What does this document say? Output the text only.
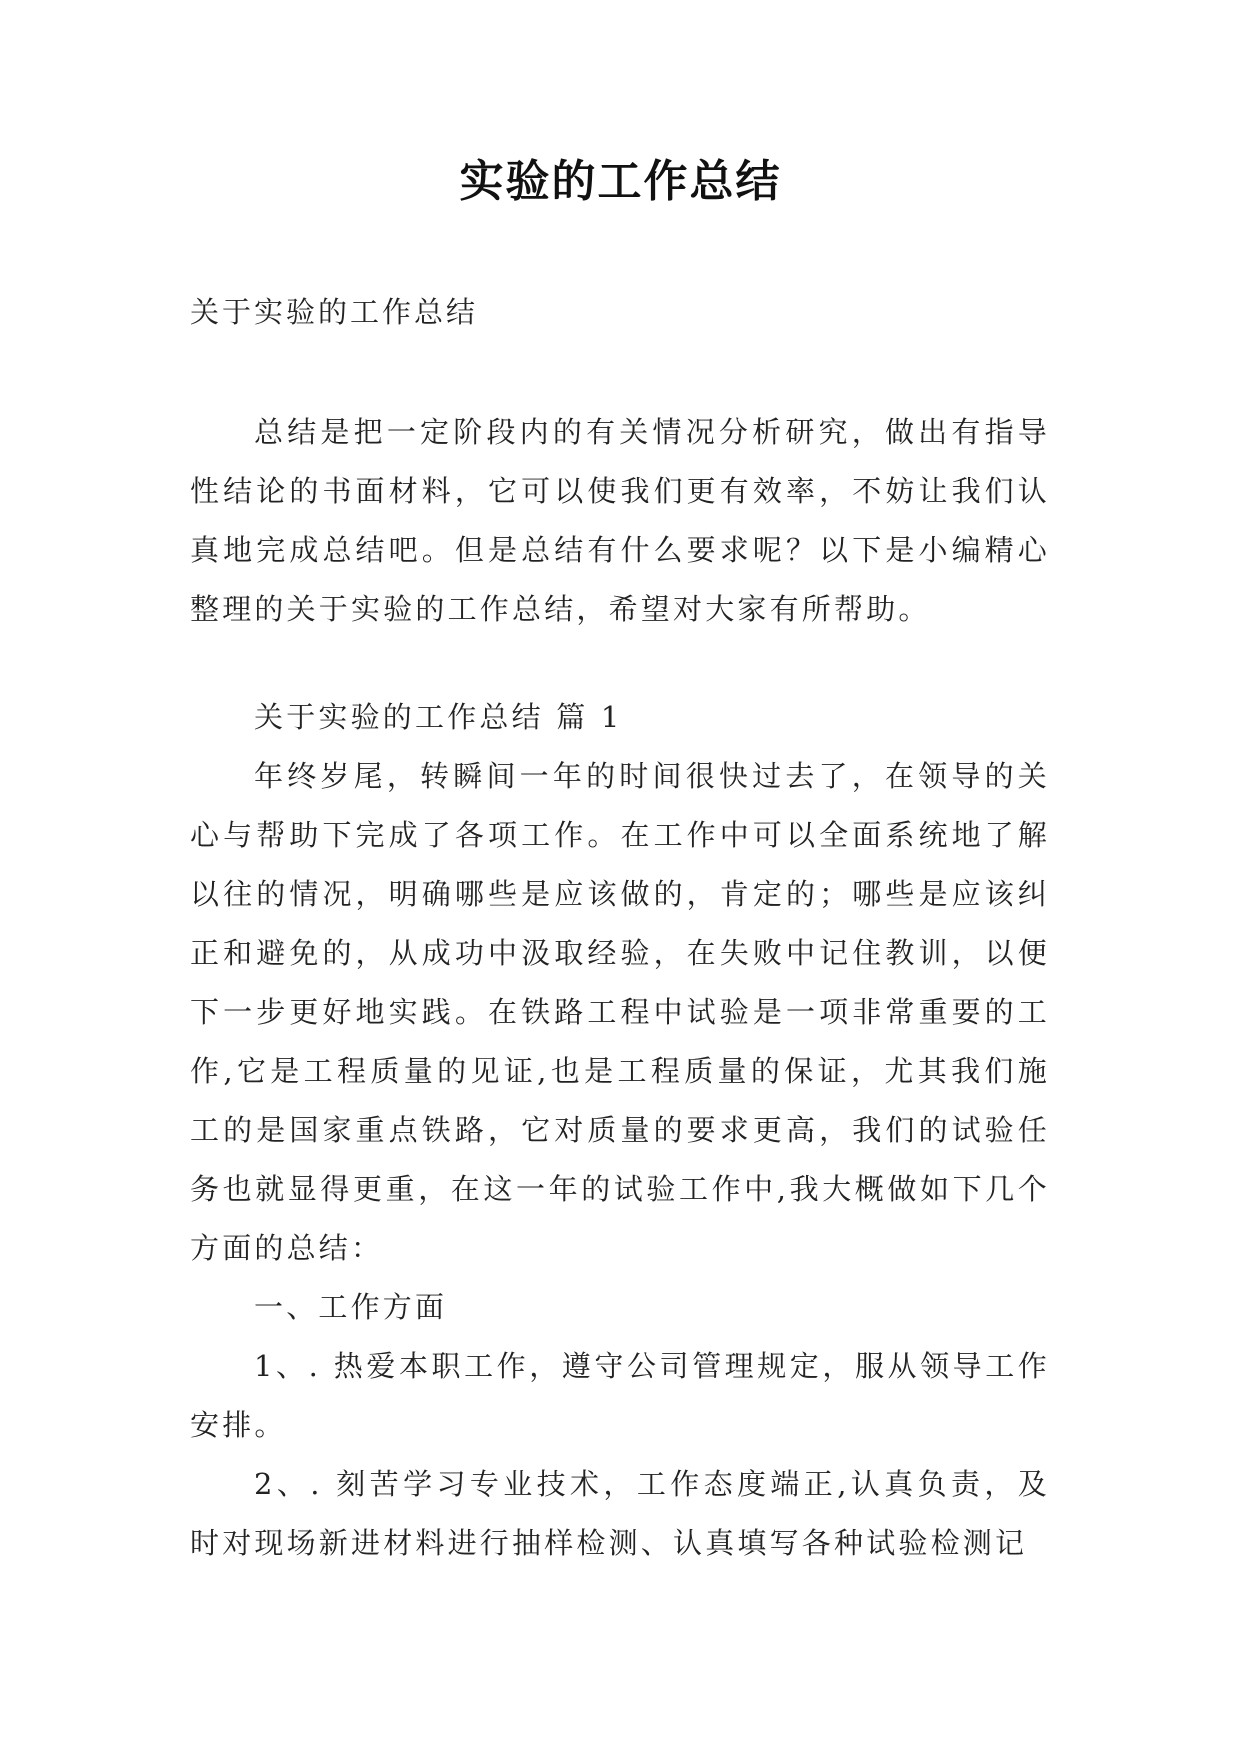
实验的工作总结

关于实验的工作总结

总结是把一定阶段内的有关情况分析研究，做出有指导性结论的书面材料，它可以使我们更有效率，不妨让我们认真地完成总结吧。但是总结有什么要求呢？以下是小编精心整理的关于实验的工作总结，希望对大家有所帮助。

关于实验的工作总结 篇 1

年终岁尾，转瞬间一年的时间很快过去了，在领导的关心与帮助下完成了各项工作。在工作中可以全面系统地了解以往的情况，明确哪些是应该做的，肯定的；哪些是应该纠正和避免的，从成功中汲取经验，在失败中记住教训，以便下一步更好地实践。在铁路工程中试验是一项非常重要的工作,它是工程质量的见证,也是工程质量的保证，尤其我们施工的是国家重点铁路，它对质量的要求更高，我们的试验任务也就显得更重，在这一年的试验工作中,我大概做如下几个方面的总结：

一、工作方面

1、. 热爱本职工作，遵守公司管理规定，服从领导工作安排。

2、. 刻苦学习专业技术，工作态度端正,认真负责，及时对现场新进材料进行抽样检测、认真填写各种试验检测记
